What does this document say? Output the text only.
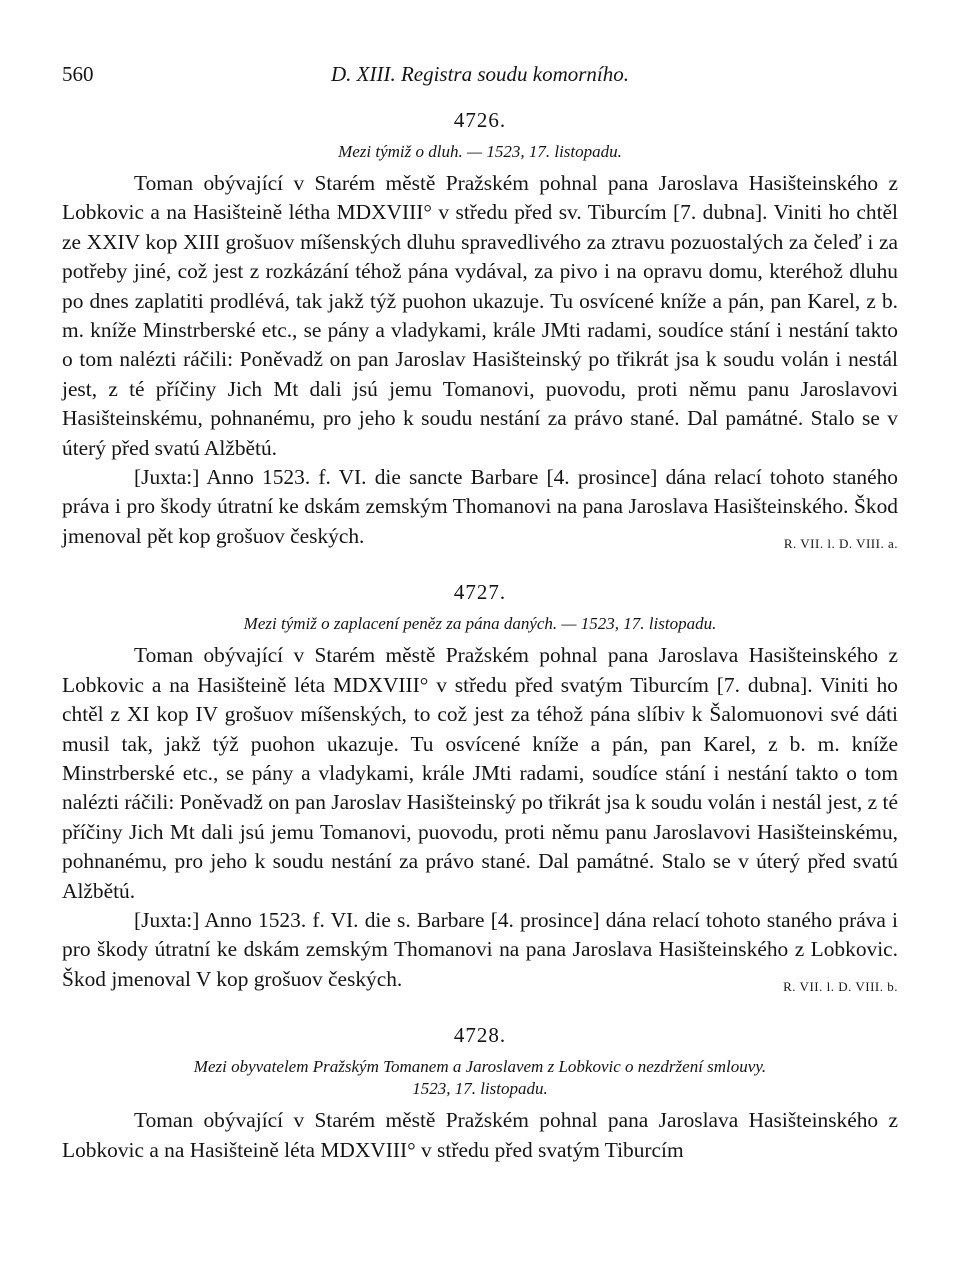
560	D. XIII. Registra soudu komorního.
4726.
Mezi týmiž o dluh. — 1523, 17. listopadu.

Toman obývající v Starém městě Pražském pohnal pana Jaroslava Hasišteinského z Lobkovic a na Hasišteině létha MDXVIII° v středu před sv. Tiburcím [7. dubna]. Viniti ho chtěl ze XXIV kop XIII grošuov míšenských dluhu spravedlivého za ztravu pozuostalých za čeleď i za potřeby jiné, což jest z rozkázání téhož pána vydával, za pivo i na opravu domu, kteréhož dluhu po dnes zaplatiti prodlévá, tak jakž týž puohon ukazuje. Tu osvícené kníže a pán, pan Karel, z b. m. kníže Minstrberské etc., se pány a vladykami, krále JMti radami, soudíce stání i nestání takto o tom nalézti ráčili: Poněvadž on pan Jaroslav Hasišteinský po třikrát jsa k soudu volán i nestál jest, z té příčiny Jich Mt dali jsú jemu Tomanovi, puovodu, proti němu panu Jaroslavovi Hasišteinskému, pohnanému, pro jeho k soudu nestání za právo stané. Dal památné. Stalo se v úterý před svatú Alžbětú.

[Juxta:] Anno 1523. f. VI. die sancte Barbare [4. prosince] dána relací tohoto staného práva i pro škody útratní ke dskám zemským Thomanovi na pana Jaroslava Hasišteinského. Škod jmenoval pět kop grošuov českých.	R. VII. l. D. VIII. a.

4727.
Mezi týmiž o zaplacení peněz za pána daných. — 1523, 17. listopadu.

Toman obývající v Starém městě Pražském pohnal pana Jaroslava Hasišteinského z Lobkovic a na Hasišteině léta MDXVIII° v středu před svatým Tiburcím [7. dubna]. Viniti ho chtěl z XI kop IV grošuov míšenských, to což jest za téhož pána slíbiv k Šalomuonovi své dáti musil tak, jakž týž puohon ukazuje. Tu osvícené kníže a pán, pan Karel, z b. m. kníže Minstrberské etc., se pány a vladykami, krále JMti radami, soudíce stání i nestání takto o tom nalézti ráčili: Poněvadž on pan Jaroslav Hasišteinský po třikrát jsa k soudu volán i nestál jest, z té příčiny Jich Mt dali jsú jemu Tomanovi, puovodu, proti němu panu Jaroslavovi Hasišteinskému, pohnanému, pro jeho k soudu nestání za právo stané. Dal památné. Stalo se v úterý před svatú Alžbětú.

[Juxta:] Anno 1523. f. VI. die s. Barbare [4. prosince] dána relací tohoto staného práva i pro škody útratní ke dskám zemským Thomanovi na pana Jaroslava Hasišteinského z Lobkovic. Škod jmenoval V kop grošuov českých.	R. VII. l. D. VIII. b.

4728.
Mezi obyvatelem Pražským Tomanem a Jaroslavem z Lobkovic o nezdržení smlouvy.
1523, 17. listopadu.

Toman obývající v Starém městě Pražském pohnal pana Jaroslava Hasišteinského z Lobkovic a na Hasišteině léta MDXVIII° v středu před svatým Tiburcím
